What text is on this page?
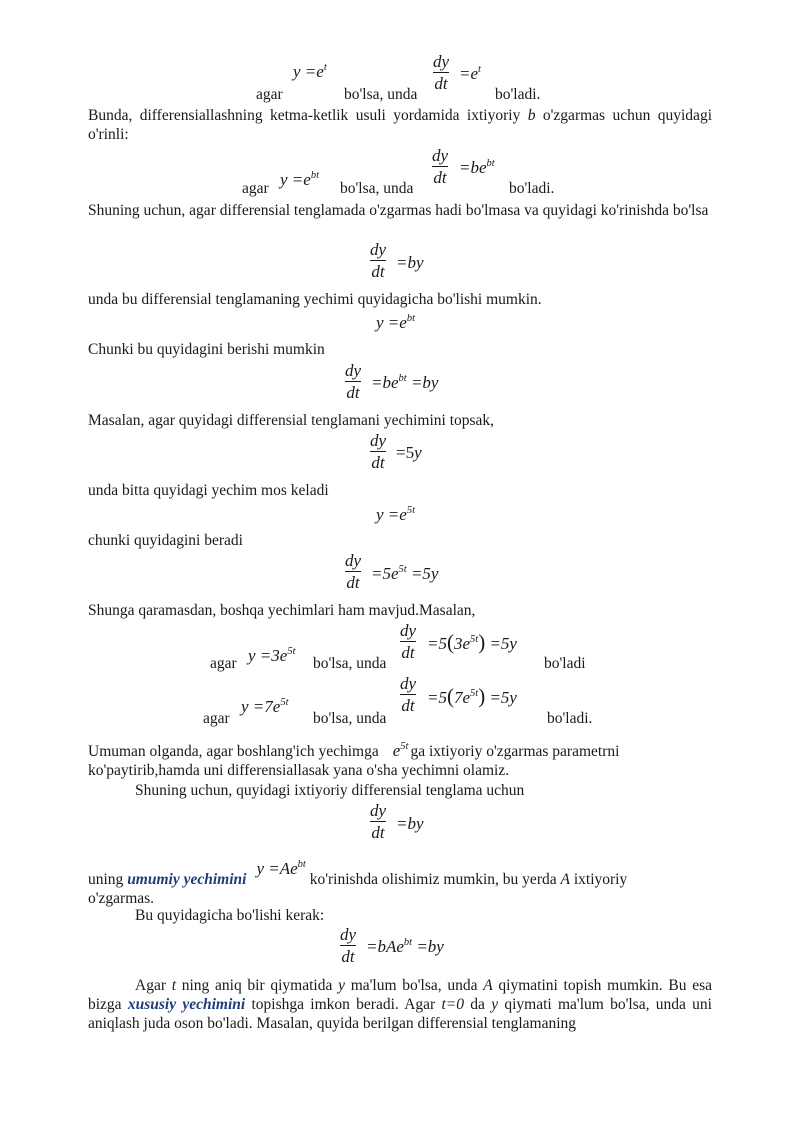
agar
$y =e^t$
bo'lsa, unda
dy
dt
$=e^t$
bo'ladi.
Bunda, differensiallashning ketma-ketlik usuli yordamida ixtiyoriy b o'zgarmas uchun quyidagi o'rinli:
agar $y =e^{bt}$
bo'lsa, unda
dy
dt
$=be^{bt}$
bo'ladi.
Shuning uchun, agar differensial tenglamada o'zgarmas hadi bo'lmasa va quyidagi ko'rinishda bo'lsa
dy
dt =by
unda bu differensial tenglamaning yechimi quyidagicha bo'lishi mumkin.
$y =e^{bt}$
Chunki bu quyidagini berishi mumkin
dy
dt
$=be^{bt} =by$
Masalan, agar quyidagi differensial tenglamani yechimini topsak,
dy
dt
=5y
unda bitta quyidagi yechim mos keladi
$y =e^{5t}$
chunki quyidagini beradi
dy
dt $=5e^{5t} =5y$
Shunga qaramasdan, boshqa yechimlari ham mavjud.Masalan,
agar $y =3e^{5t}$
bo'lsa, unda
dy
dt $=5(3e^{5t}) =5y$
bo'ladi
agar
$y =7e^{5t}$
bo'lsa, unda
dy
dt $=5(7e^{5t}) =5y$
bo'ladi.
Umuman olganda, agar boshlang'ich yechimga $e^{5t}$ ga ixtiyoriy o'zgarmas parametrni
ko'paytirib,hamda uni differensiallasak yana o'sha yechimni olamiz.
Shuning uchun, quyidagi ixtiyoriy differensial tenglama uchun
dy
dt =by
uning umumiy yechiminiy $=Ae^{bt}$ ko'rinishda olishimiz mumkin, bu yerda A ixtiyoriy
o'zgarmas.
Bu quyidagicha bo'lishi kerak:
dy
dt
=bAe$^{bt}$ =by
Agar t ning aniq bir qiymatida y ma'lum bo'lsa, unda A qiymatini topish mumkin. Bu esa bizga xususiy yechimini topishga imkon beradi. Agar t=0 da y qiymati ma'lum bo'lsa, unda uni aniqlash juda oson bo'ladi. Masalan, quyida berilgan differensial tenglamaning
